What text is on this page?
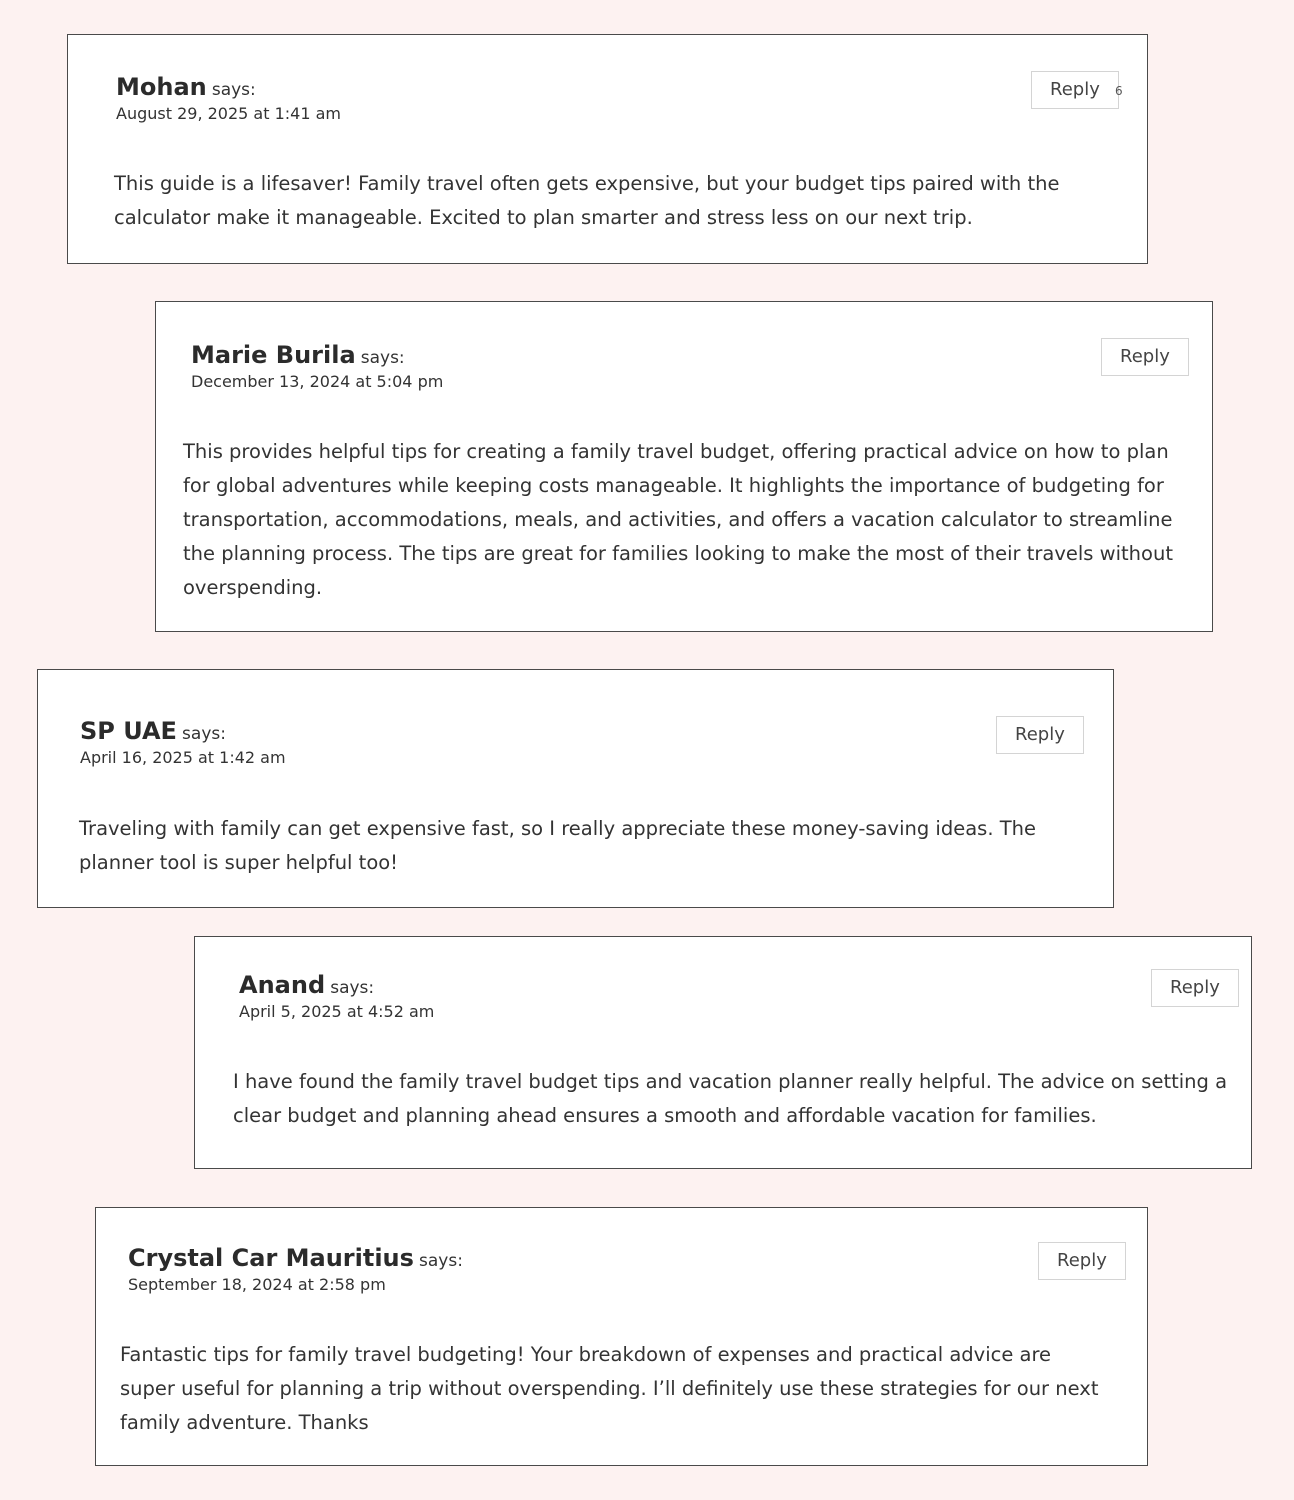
Mohan says:
August 29, 2025 at 1:41 am
Reply	6

This guide is a lifesaver! Family travel often gets expensive, but your budget tips paired with the calculator make it manageable. Excited to plan smarter and stress less on our next trip.

Marie Burila says:
December 13, 2024 at 5:04 pm
Reply

This provides helpful tips for creating a family travel budget, offering practical advice on how to plan for global adventures while keeping costs manageable. It highlights the importance of budgeting for transportation, accommodations, meals, and activities, and offers a vacation calculator to streamline the planning process. The tips are great for families looking to make the most of their travels without overspending.

SP UAE says:
April 16, 2025 at 1:42 am
Reply

Traveling with family can get expensive fast, so I really appreciate these money-saving ideas. The planner tool is super helpful too!

Anand says:
April 5, 2025 at 4:52 am
Reply

I have found the family travel budget tips and vacation planner really helpful. The advice on setting a clear budget and planning ahead ensures a smooth and affordable vacation for families.

Crystal Car Mauritius says:
September 18, 2024 at 2:58 pm
Reply

Fantastic tips for family travel budgeting! Your breakdown of expenses and practical advice are super useful for planning a trip without overspending. I’ll definitely use these strategies for our next family adventure. Thanks
